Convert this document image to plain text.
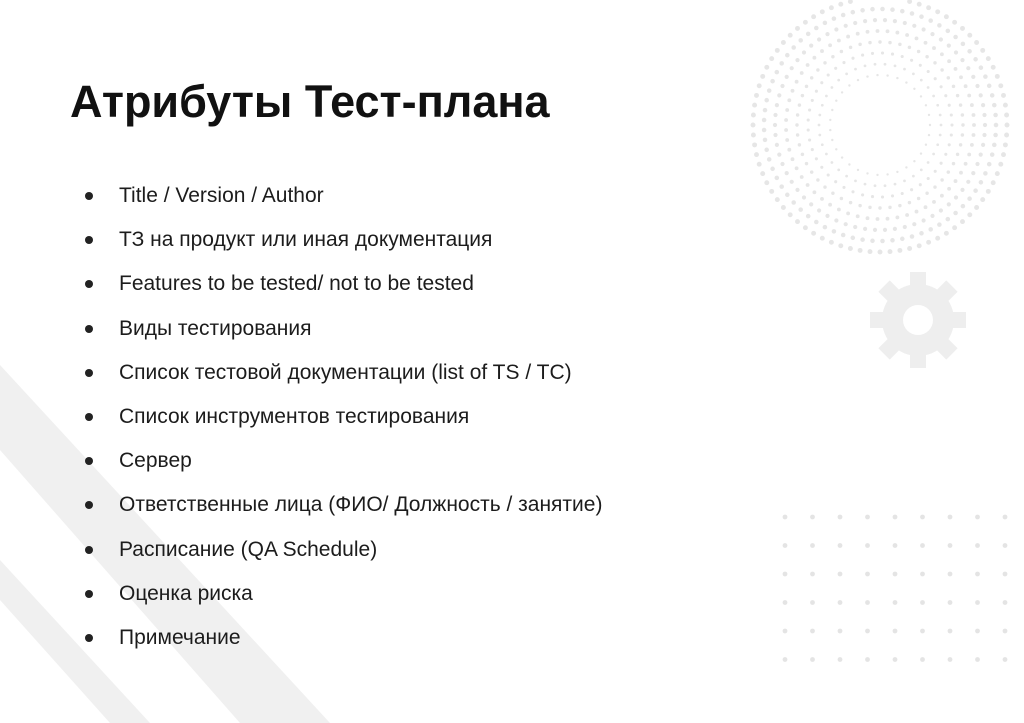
Атрибуты Тест-плана
Title / Version / Author
ТЗ на продукт или иная документация
Features to be tested/ not to be tested
Виды тестирования
Список тестовой документации (list of TS / TC)
Список инструментов тестирования
Сервер
Ответственные лица (ФИО/ Должность / занятие)
Расписание (QA Schedule)
Оценка риска
Примечание
